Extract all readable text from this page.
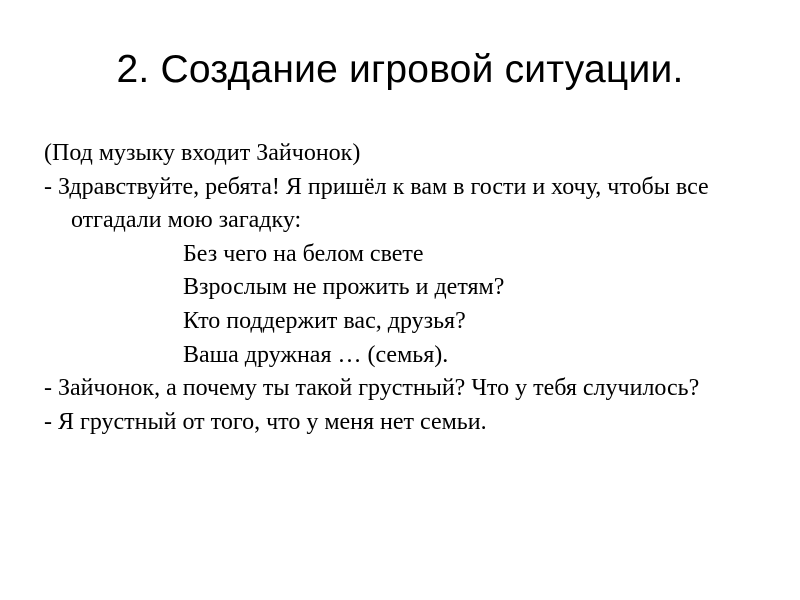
2. Создание игровой ситуации.

(Под музыку входит Зайчонок)

- Здравствуйте, ребята! Я пришёл к вам в гости и хочу, чтобы все отгадали мою загадку:

Без чего на белом свете

Взрослым не прожить и детям?

Кто поддержит вас, друзья?

Ваша дружная … (семья).

- Зайчонок, а почему ты такой грустный? Что у тебя случилось?

- Я грустный от того, что у меня нет семьи.
